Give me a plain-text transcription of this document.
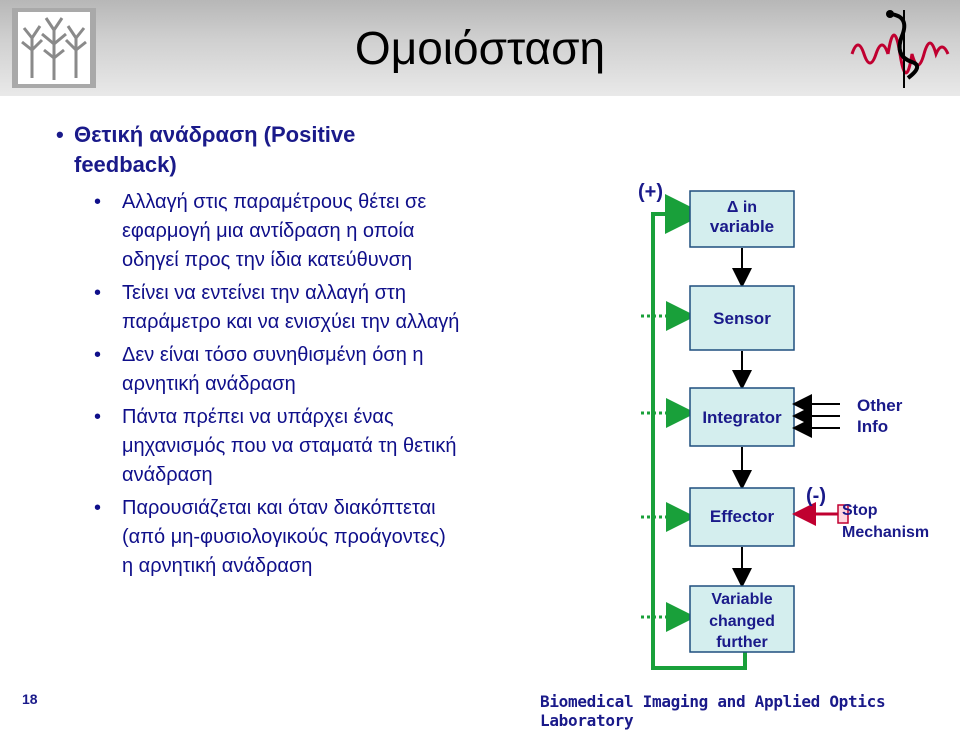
Ομοιόσταση
• Θετική ανάδραση (Positive feedback)
• Αλλαγή στις παραμέτρους θέτει σε εφαρμογή μια αντίδραση η οποία οδηγεί προς την ίδια κατεύθυνση
• Τείνει να εντείνει την αλλαγή στη παράμετρο και να ενισχύει την αλλαγή
• Δεν είναι τόσο συνηθισμένη όση η αρνητική ανάδραση
• Πάντα πρέπει να υπάρχει ένας μηχανισμός που να σταματά τη θετική ανάδραση
• Παρουσιάζεται και όταν διακόπτεται (από μη-φυσιολογικούς προάγοντες) η αρνητική ανάδραση
(+)
Δ in
variable
Sensor
Integrator
Other
Info
Effector
(-)
Stop
Mechanism
Variable
changed
further
18	Biomedical Imaging and Applied Optics Laboratory
